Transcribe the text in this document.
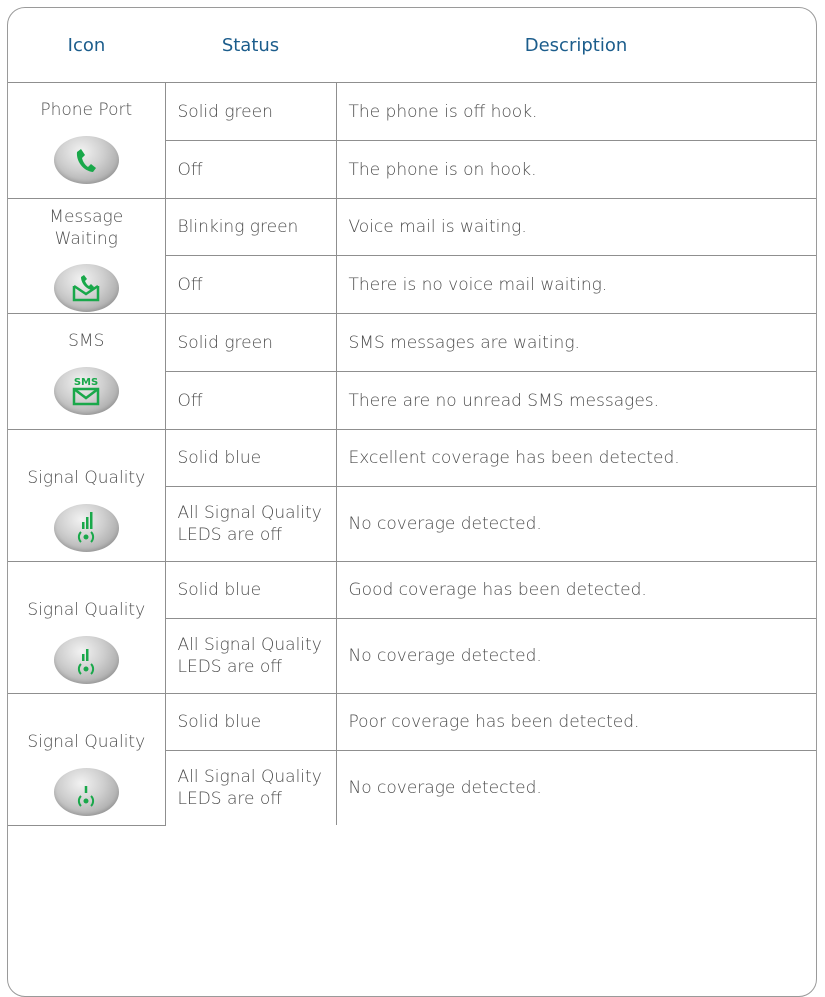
Icon	Status	Description

Phone Port	Solid green	The phone is off hook.
	Off	The phone is on hook.

Message Waiting	Blinking green	Voice mail is waiting.
	Off	There is no voice mail waiting.

SMS
SMS	Solid green	SMS messages are waiting.
	Off	There are no unread SMS messages.

Signal Quality	Solid blue	Excellent coverage has been detected.

	All Signal Quality LEDS are off	No coverage detected.

Signal Quality	Solid blue	Good coverage has been detected.

	All Signal Quality LEDS are off	No coverage detected.

Signal Quality	Solid blue	Poor coverage has been detected.

	All Signal Quality LEDS are off	No coverage detected.
